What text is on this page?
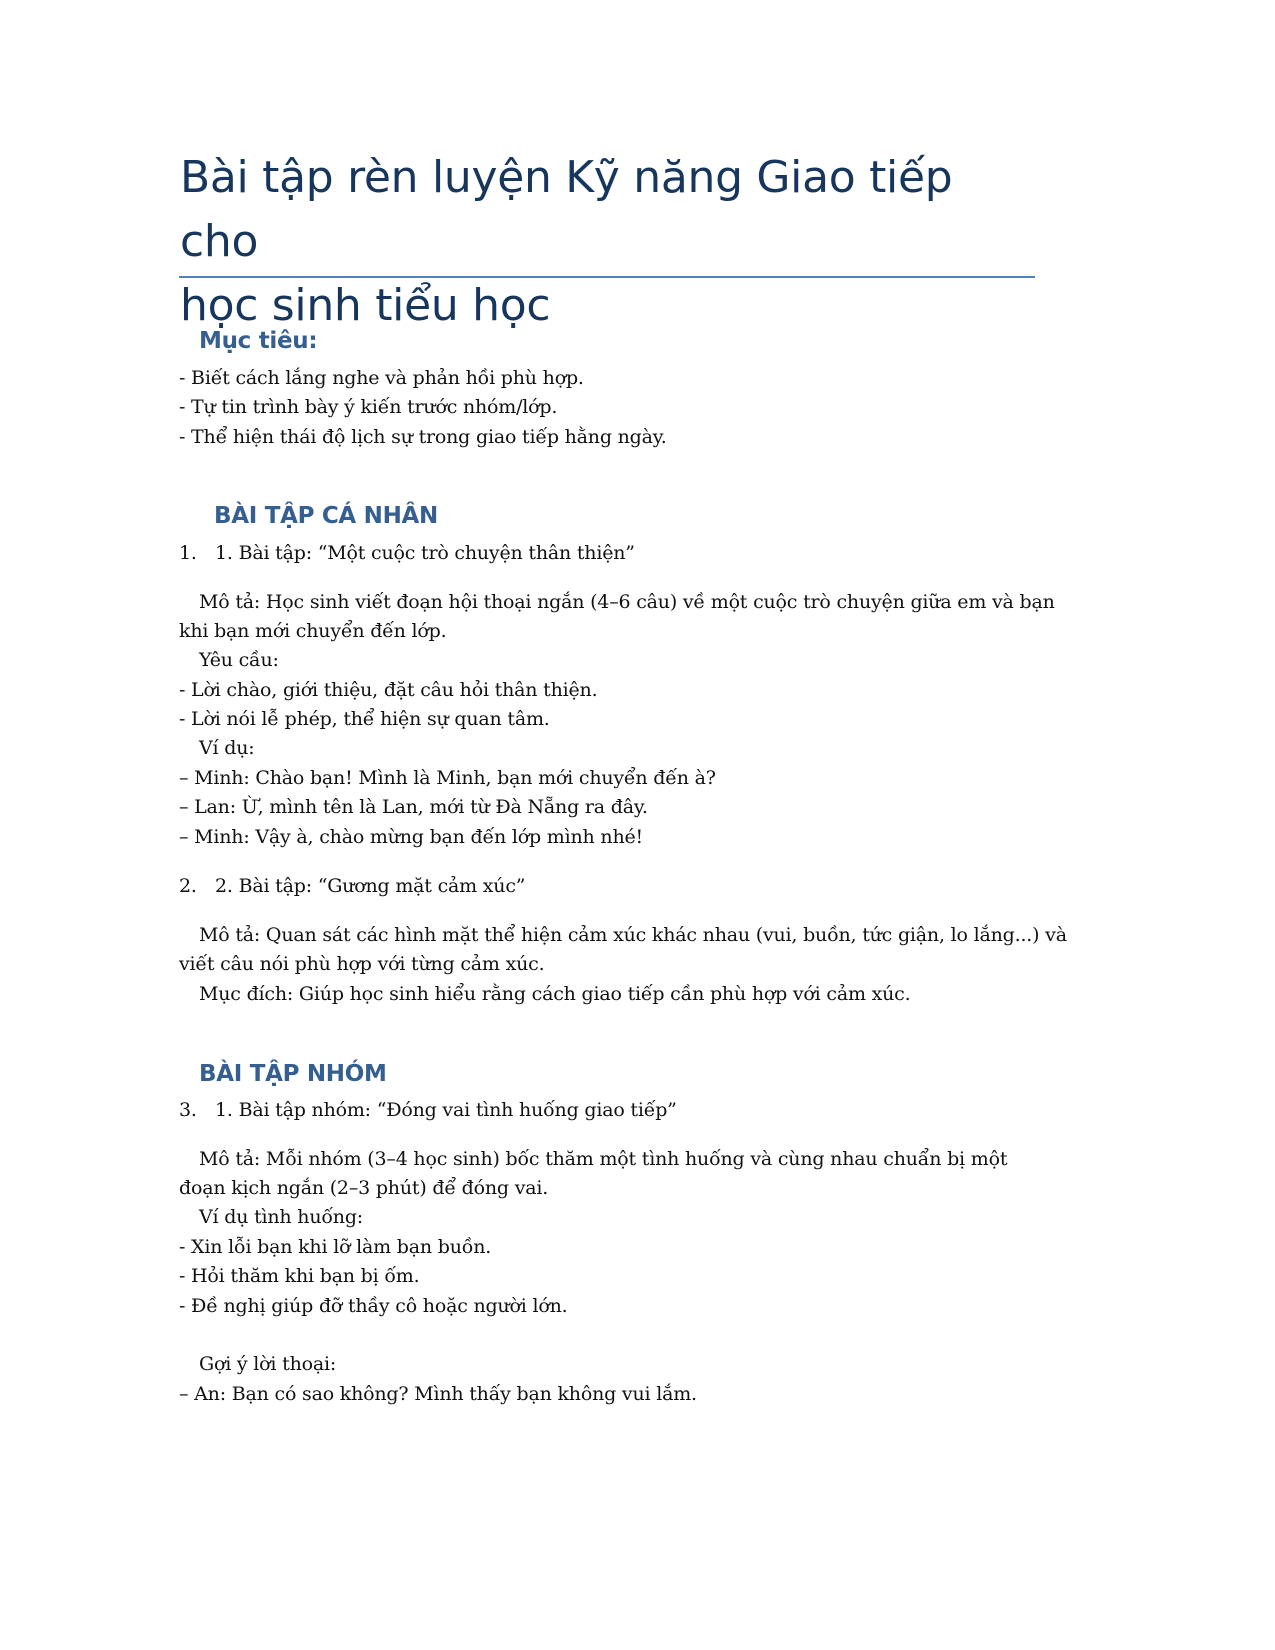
Bài tập rèn luyện Kỹ năng Giao tiếp cho
học sinh tiểu học
Mục tiêu:
- Biết cách lắng nghe và phản hồi phù hợp.
- Tự tin trình bày ý kiến trước nhóm/lớp.
- Thể hiện thái độ lịch sự trong giao tiếp hằng ngày.
BÀI TẬP CÁ NHÂN
1. 1. Bài tập: “Một cuộc trò chuyện thân thiện”
Mô tả: Học sinh viết đoạn hội thoại ngắn (4–6 câu) về một cuộc trò chuyện giữa em và bạn
khi bạn mới chuyển đến lớp.
Yêu cầu:
- Lời chào, giới thiệu, đặt câu hỏi thân thiện.
- Lời nói lễ phép, thể hiện sự quan tâm.
Ví dụ:
– Minh: Chào bạn! Mình là Minh, bạn mới chuyển đến à?
– Lan: Ừ, mình tên là Lan, mới từ Đà Nẵng ra đây.
– Minh: Vậy à, chào mừng bạn đến lớp mình nhé!
2. 2. Bài tập: “Gương mặt cảm xúc”
Mô tả: Quan sát các hình mặt thể hiện cảm xúc khác nhau (vui, buồn, tức giận, lo lắng...) và
viết câu nói phù hợp với từng cảm xúc.
Mục đích: Giúp học sinh hiểu rằng cách giao tiếp cần phù hợp với cảm xúc.
BÀI TẬP NHÓM
3. 1. Bài tập nhóm: “Đóng vai tình huống giao tiếp”
Mô tả: Mỗi nhóm (3–4 học sinh) bốc thăm một tình huống và cùng nhau chuẩn bị một
đoạn kịch ngắn (2–3 phút) để đóng vai.
Ví dụ tình huống:
- Xin lỗi bạn khi lỡ làm bạn buồn.
- Hỏi thăm khi bạn bị ốm.
- Đề nghị giúp đỡ thầy cô hoặc người lớn.
Gợi ý lời thoại:
– An: Bạn có sao không? Mình thấy bạn không vui lắm.
